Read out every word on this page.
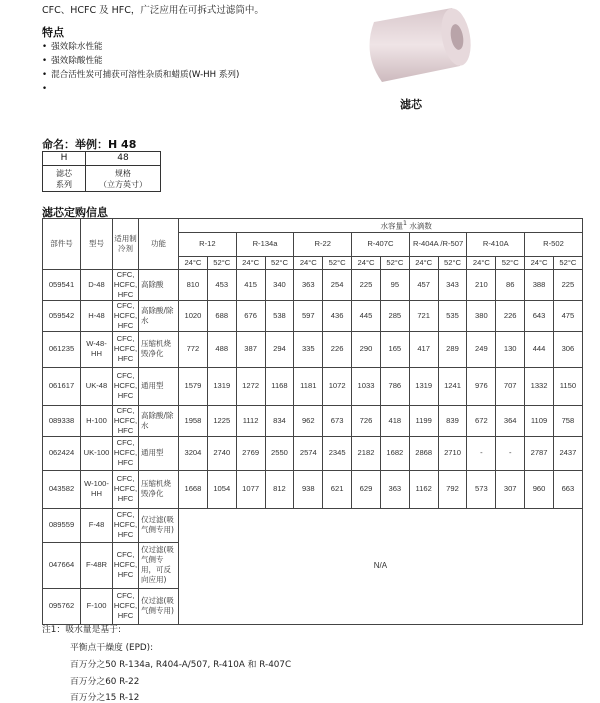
CFC、HCFC 及 HFC，广泛应用在可拆式过滤筒中。
特点
• 强效除水性能
• 强效除酸性能
• 混合活性炭可捕获可溶性杂质和蜡质(W-HH 系列)
•
滤芯
命名：举例：H 48
H	48
滤芯
系列	规格
（立方英寸）
滤芯定购信息
部件号	型号	适用制冷剂	功能	水容量$^1$ 水滴数													
				R-12		R-134a		R-22		R-407C		R-404A /R-507		R-410A		R-502	
				24°C	52°C	24°C	52°C	24°C	52°C	24°C	52°C	24°C	52°C	24°C	52°C	24°C	52°C
059541	D-48	CFC, HCFC, HFC	高除酸	810	453	415	340	363	254	225	95	457	343	210	86	388	225
059542	H-48	CFC, HCFC, HFC	高除酸/除水	1020	688	676	538	597	436	445	285	721	535	380	226	643	475
061235	W-48-HH	CFC, HCFC, HFC	压缩机烧毁净化	772	488	387	294	335	226	290	165	417	289	249	130	444	306
061617	UK-48	CFC, HCFC, HFC	通用型	1579	1319	1272	1168	1181	1072	1033	786	1319	1241	976	707	1332	1150
089338	H-100	CFC, HCFC, HFC	高除酸/除水	1958	1225	1112	834	962	673	726	418	1199	839	672	364	1109	758
062424	UK-100	CFC, HCFC, HFC	通用型	3204	2740	2769	2550	2574	2345	2182	1682	2868	2710	-	-	2787	2437
043582	W-100-HH	CFC, HCFC, HFC	压缩机烧毁净化	1668	1054	1077	812	938	621	629	363	1162	792	573	307	960	663
089559	F-48	CFC, HCFC, HFC	仅过滤(吸气侧专用)	N/A													
047664	F-48R	CFC, HCFC, HFC	仅过滤(吸气侧专用，可反向应用)														
095762	F-100	CFC, HCFC, HFC	仅过滤(吸气侧专用)														
注1：吸水量是基于:
平衡点干燥度 (EPD):
百万分之50 R-134a, R404-A/507, R-410A 和 R-407C
百万分之60 R-22
百万分之15 R-12
